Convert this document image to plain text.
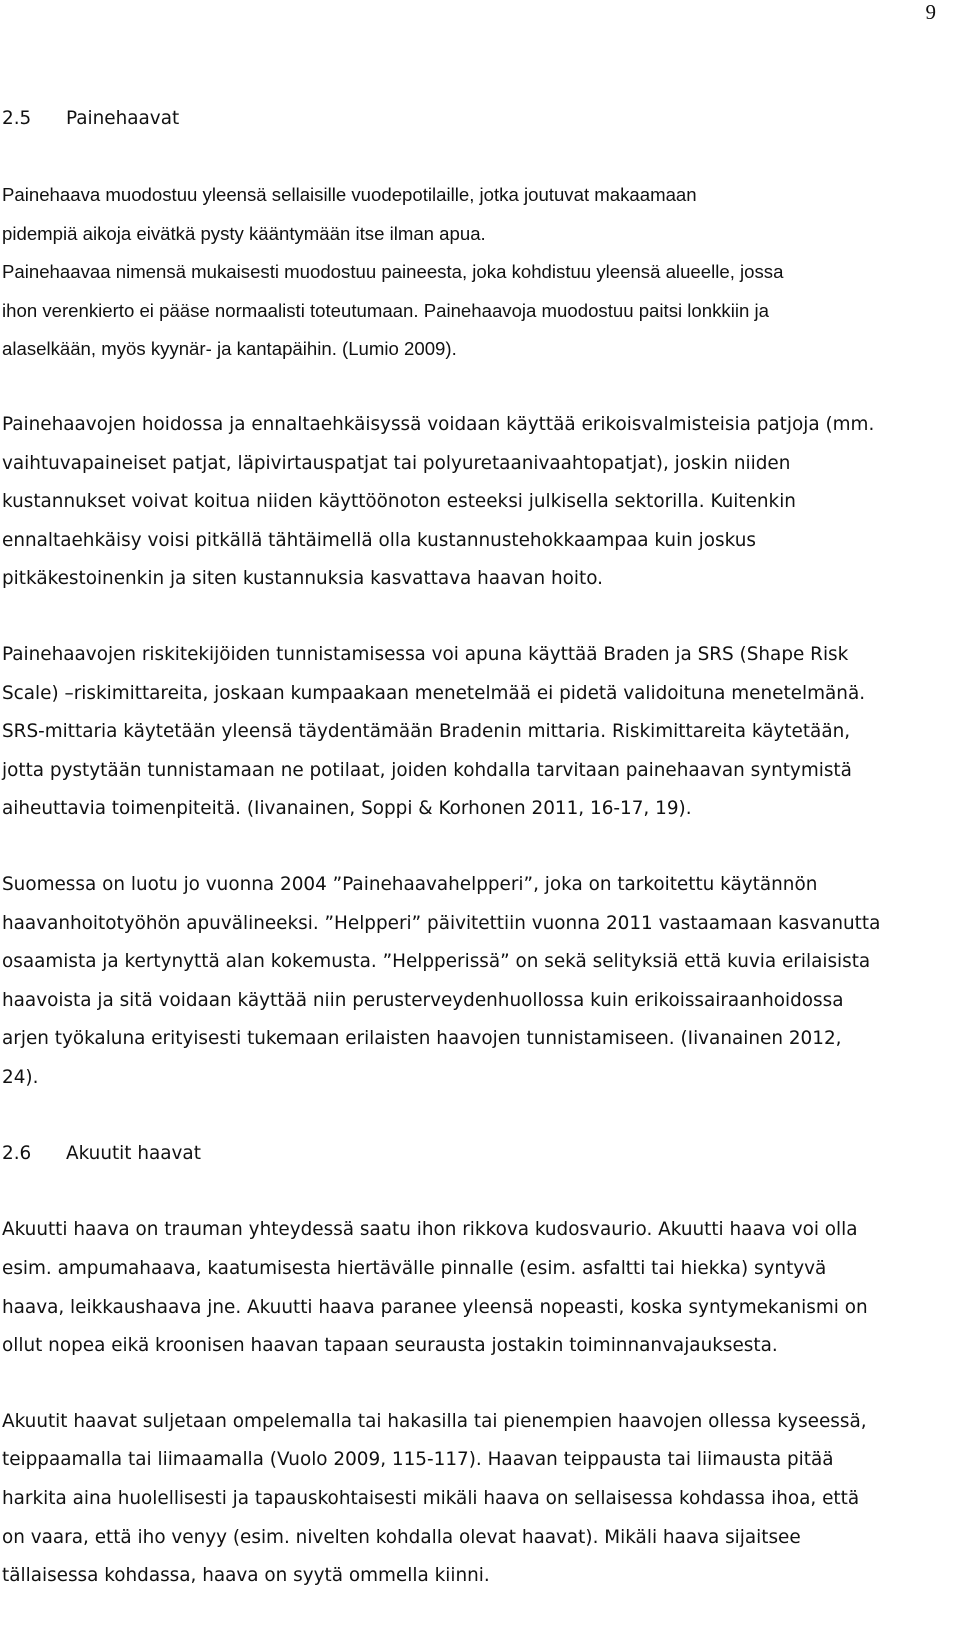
9
2.5 Painehaavat

Painehaava muodostuu yleensä sellaisille vuodepotilaille, jotka joutuvat makaamaan
pidempiä aikoja eivätkä pysty kääntymään itse ilman apua.
Painehaavaa nimensä mukaisesti muodostuu paineesta, joka kohdistuu yleensä alueelle, jossa
ihon verenkierto ei pääse normaalisti toteutumaan. Painehaavoja muodostuu paitsi lonkkiin ja
alaselkään, myös kyynär- ja kantapäihin. (Lumio 2009).

Painehaavojen hoidossa ja ennaltaehkäisyssä voidaan käyttää erikoisvalmisteisia patjoja (mm.
vaihtuvapaineiset patjat, läpivirtauspatjat tai polyuretaanivaahtopatjat), joskin niiden
kustannukset voivat koitua niiden käyttöönoton esteeksi julkisella sektorilla. Kuitenkin
ennaltaehkäisy voisi pitkällä tähtäimellä olla kustannustehokkaampaa kuin joskus
pitkäkestoinenkin ja siten kustannuksia kasvattava haavan hoito.

Painehaavojen riskitekijöiden tunnistamisessa voi apuna käyttää Braden ja SRS (Shape Risk
Scale) –riskimittareita, joskaan kumpaakaan menetelmää ei pidetä validoituna menetelmänä.
SRS-mittaria käytetään yleensä täydentämään Bradenin mittaria. Riskimittareita käytetään,
jotta pystytään tunnistamaan ne potilaat, joiden kohdalla tarvitaan painehaavan syntymistä
aiheuttavia toimenpiteitä. (Iivanainen, Soppi & Korhonen 2011, 16-17, 19).

Suomessa on luotu jo vuonna 2004 ”Painehaavahelpperi”, joka on tarkoitettu käytännön
haavanhoitotyöhön apuvälineeksi. ”Helpperi” päivitettiin vuonna 2011 vastaamaan kasvanutta
osaamista ja kertynyttä alan kokemusta. ”Helpperissä” on sekä selityksiä että kuvia erilaisista
haavoista ja sitä voidaan käyttää niin perusterveydenhuollossa kuin erikoissairaanhoidossa
arjen työkaluna erityisesti tukemaan erilaisten haavojen tunnistamiseen. (Iivanainen 2012,
24).

2.6 Akuutit haavat

Akuutti haava on trauman yhteydessä saatu ihon rikkova kudosvaurio. Akuutti haava voi olla
esim. ampumahaava, kaatumisesta hiertävälle pinnalle (esim. asfaltti tai hiekka) syntyvä
haava, leikkaushaava jne. Akuutti haava paranee yleensä nopeasti, koska syntymekanismi on
ollut nopea eikä kroonisen haavan tapaan seurausta jostakin toiminnanvajauksesta.

Akuutit haavat suljetaan ompelemalla tai hakasilla tai pienempien haavojen ollessa kyseessä,
teippaamalla tai liimaamalla (Vuolo 2009, 115-117). Haavan teippausta tai liimausta pitää
harkita aina huolellisesti ja tapauskohtaisesti mikäli haava on sellaisessa kohdassa ihoa, että
on vaara, että iho venyy (esim. nivelten kohdalla olevat haavat). Mikäli haava sijaitsee
tällaisessa kohdassa, haava on syytä ommella kiinni.
